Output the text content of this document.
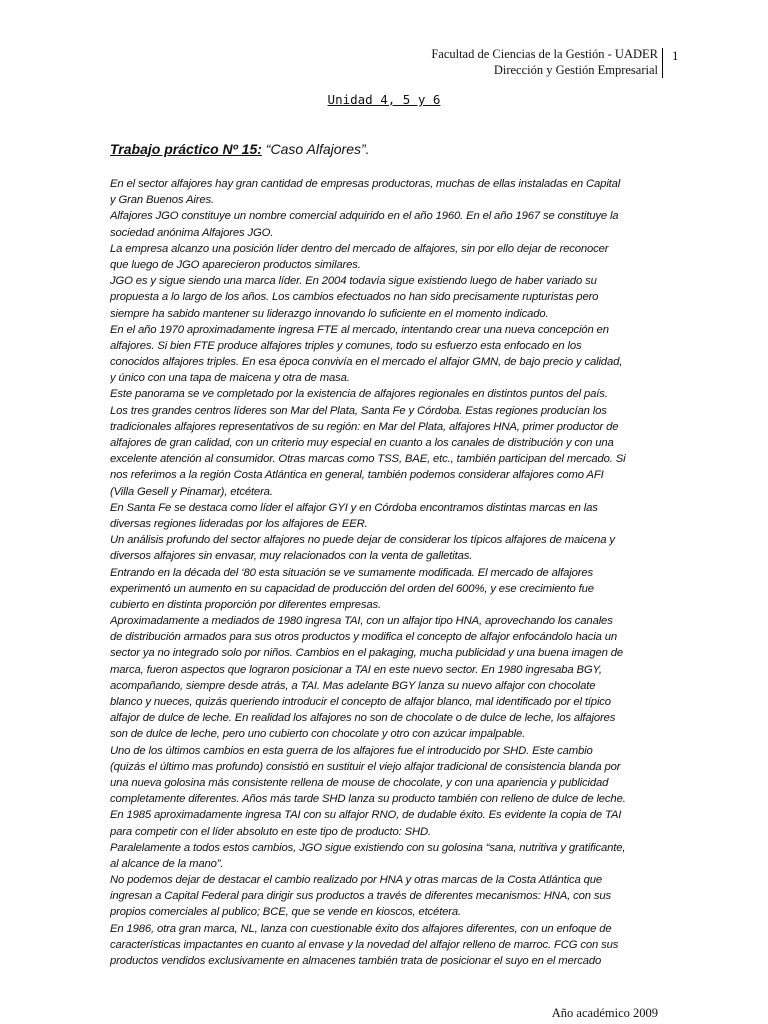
Facultad de Ciencias de la Gestión - UADER
Dirección y Gestión Empresarial
1
Unidad 4, 5 y 6
Trabajo práctico Nº 15: “Caso Alfajores”.
En el sector alfajores hay gran cantidad de empresas productoras, muchas de ellas instaladas en Capital
y Gran Buenos Aires.
Alfajores JGO constituye un nombre comercial adquirido en el año 1960. En el año 1967 se constituye la
sociedad anónima Alfajores JGO.
La empresa alcanzo una posición líder dentro del mercado de alfajores, sin por ello dejar de reconocer
que luego de JGO aparecieron productos similares.
JGO es y sigue siendo una marca líder. En 2004 todavía sigue existiendo luego de haber variado su
propuesta a lo largo de los años. Los cambios efectuados no han sido precisamente rupturistas pero
siempre ha sabido mantener su liderazgo innovando lo suficiente en el momento indicado.
En el año 1970 aproximadamente ingresa FTE al mercado, intentando crear una nueva concepción en
alfajores. Si bien FTE produce alfajores triples y comunes, todo su esfuerzo esta enfocado en los
conocidos alfajores triples. En esa época convivía en el mercado el alfajor GMN, de bajo precio y calidad,
y único con una tapa de maicena y otra de masa.
Este panorama se ve completado por la existencia de alfajores regionales en distintos puntos del país.
Los tres grandes centros líderes son Mar del Plata, Santa Fe y Córdoba. Estas regiones producían los
tradicionales alfajores representativos de su región: en Mar del Plata, alfajores HNA, primer productor de
alfajores de gran calidad, con un criterio muy especial en cuanto a los canales de distribución y con una
excelente atención al consumidor. Otras marcas como TSS, BAE, etc., también participan del mercado. Si
nos referimos a la región Costa Atlántica en general, también podemos considerar alfajores como AFI
(Villa Gesell y Pinamar), etcétera.
En Santa Fe se destaca como líder el alfajor GYI y en Córdoba encontramos distintas marcas en las
diversas regiones lideradas por los alfajores de EER.
Un análisis profundo del sector alfajores no puede dejar de considerar los típicos alfajores de maicena y
diversos alfajores sin envasar, muy relacionados con la venta de galletitas.
Entrando en la década del ‘80 esta situación se ve sumamente modificada. El mercado de alfajores
experimentó un aumento en su capacidad de producción del orden del 600%, y ese crecimiento fue
cubierto en distinta proporción por diferentes empresas.
Aproximadamente a mediados de 1980 ingresa TAI, con un alfajor tipo HNA, aprovechando los canales
de distribución armados para sus otros productos y modifica el concepto de alfajor enfocándolo hacia un
sector ya no integrado solo por niños. Cambios en el pakaging, mucha publicidad y una buena imagen de
marca, fueron aspectos que lograron posicionar a TAI en este nuevo sector. En 1980 ingresaba BGY,
acompañando, siempre desde atrás, a TAI. Mas adelante BGY lanza su nuevo alfajor con chocolate
blanco y nueces, quizás queriendo introducir el concepto de alfajor blanco, mal identificado por el típico
alfajor de dulce de leche. En realidad los alfajores no son de chocolate o de dulce de leche, los alfajores
son de dulce de leche, pero uno cubierto con chocolate y otro con azúcar impalpable.
Uno de los últimos cambios en esta guerra de los alfajores fue el introducido por SHD. Este cambio
(quizás el último mas profundo) consistió en sustituir el viejo alfajor tradicional de consistencia blanda por
una nueva golosina más consistente rellena de mouse de chocolate, y con una apariencia y publicidad
completamente diferentes. Años más tarde SHD lanza su producto también con relleno de dulce de leche.
En 1985 aproximadamente ingresa TAI con su alfajor RNO, de dudable éxito. Es evidente la copia de TAI
para competir con el líder absoluto en este tipo de producto: SHD.
Paralelamente a todos estos cambios, JGO sigue existiendo con su golosina “sana, nutritiva y gratificante,
al alcance de la mano”.
No podemos dejar de destacar el cambio realizado por HNA y otras marcas de la Costa Atlántica que
ingresan a Capital Federal para dirigir sus productos a través de diferentes mecanismos: HNA, con sus
propios comerciales al publico; BCE, que se vende en kioscos, etcétera.
En 1986, otra gran marca, NL, lanza con cuestionable éxito dos alfajores diferentes, con un enfoque de
características impactantes en cuanto al envase y la novedad del alfajor relleno de marroc. FCG con sus
productos vendidos exclusivamente en almacenes también trata de posicionar el suyo en el mercado
Año académico 2009
